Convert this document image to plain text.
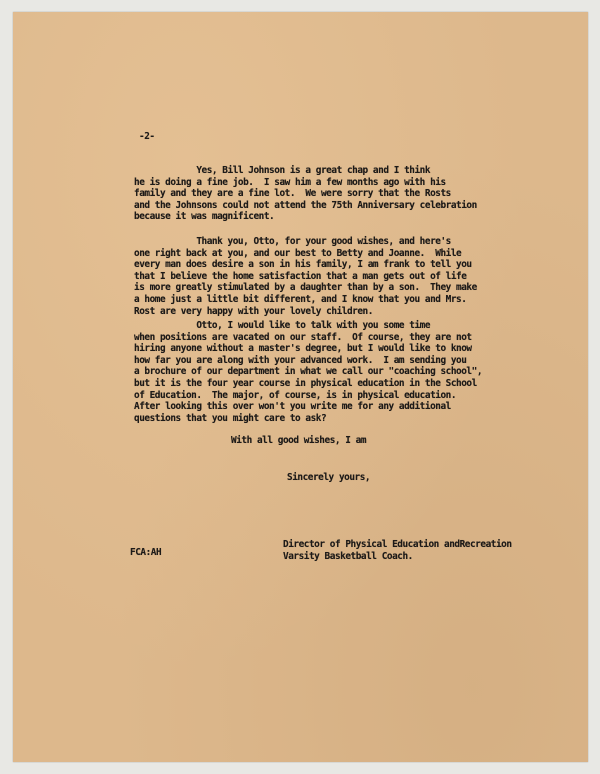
-2-
Yes, Bill Johnson is a great chap and I think
he is doing a fine job.  I saw him a few months ago with his
family and they are a fine lot.  We were sorry that the Rosts
and the Johnsons could not attend the 75th Anniversary celebration
because it was magnificent.
Thank you, Otto, for your good wishes, and here's
one right back at you, and our best to Betty and Joanne.  While
every man does desire a son in his family, I am frank to tell you
that I believe the home satisfaction that a man gets out of life
is more greatly stimulated by a daughter than by a son.  They make
a home just a little bit different, and I know that you and Mrs.
Rost are very happy with your lovely children.
Otto, I would like to talk with you some time
when positions are vacated on our staff.  Of course, they are not
hiring anyone without a master's degree, but I would like to know
how far you are along with your advanced work.  I am sending you
a brochure of our department in what we call our "coaching school",
but it is the four year course in physical education in the School
of Education.  The major, of course, is in physical education.
After looking this over won't you write me for any additional
questions that you might care to ask?
With all good wishes, I am
Sincerely yours,
FCA:AH
Director of Physical Education andRecreation
Varsity Basketball Coach.
